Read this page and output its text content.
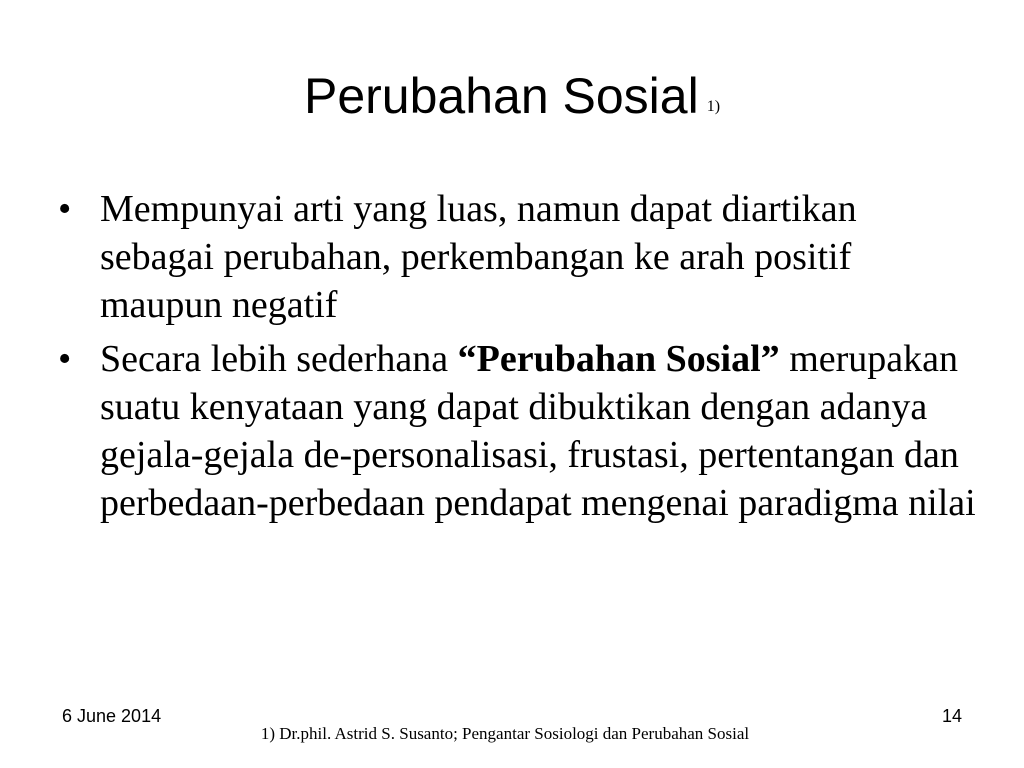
Perubahan Sosial 1)
• Mempunyai arti yang luas, namun dapat diartikan sebagai perubahan, perkembangan ke arah positif maupun negatif
• Secara lebih sederhana “Perubahan Sosial” merupakan suatu kenyataan yang dapat dibuktikan dengan adanya gejala-gejala de-personalisasi, frustasi, pertentangan dan perbedaan-perbedaan pendapat mengenai paradigma nilai
6 June 2014	14
1) Dr.phil. Astrid S. Susanto; Pengantar Sosiologi dan Perubahan Sosial
